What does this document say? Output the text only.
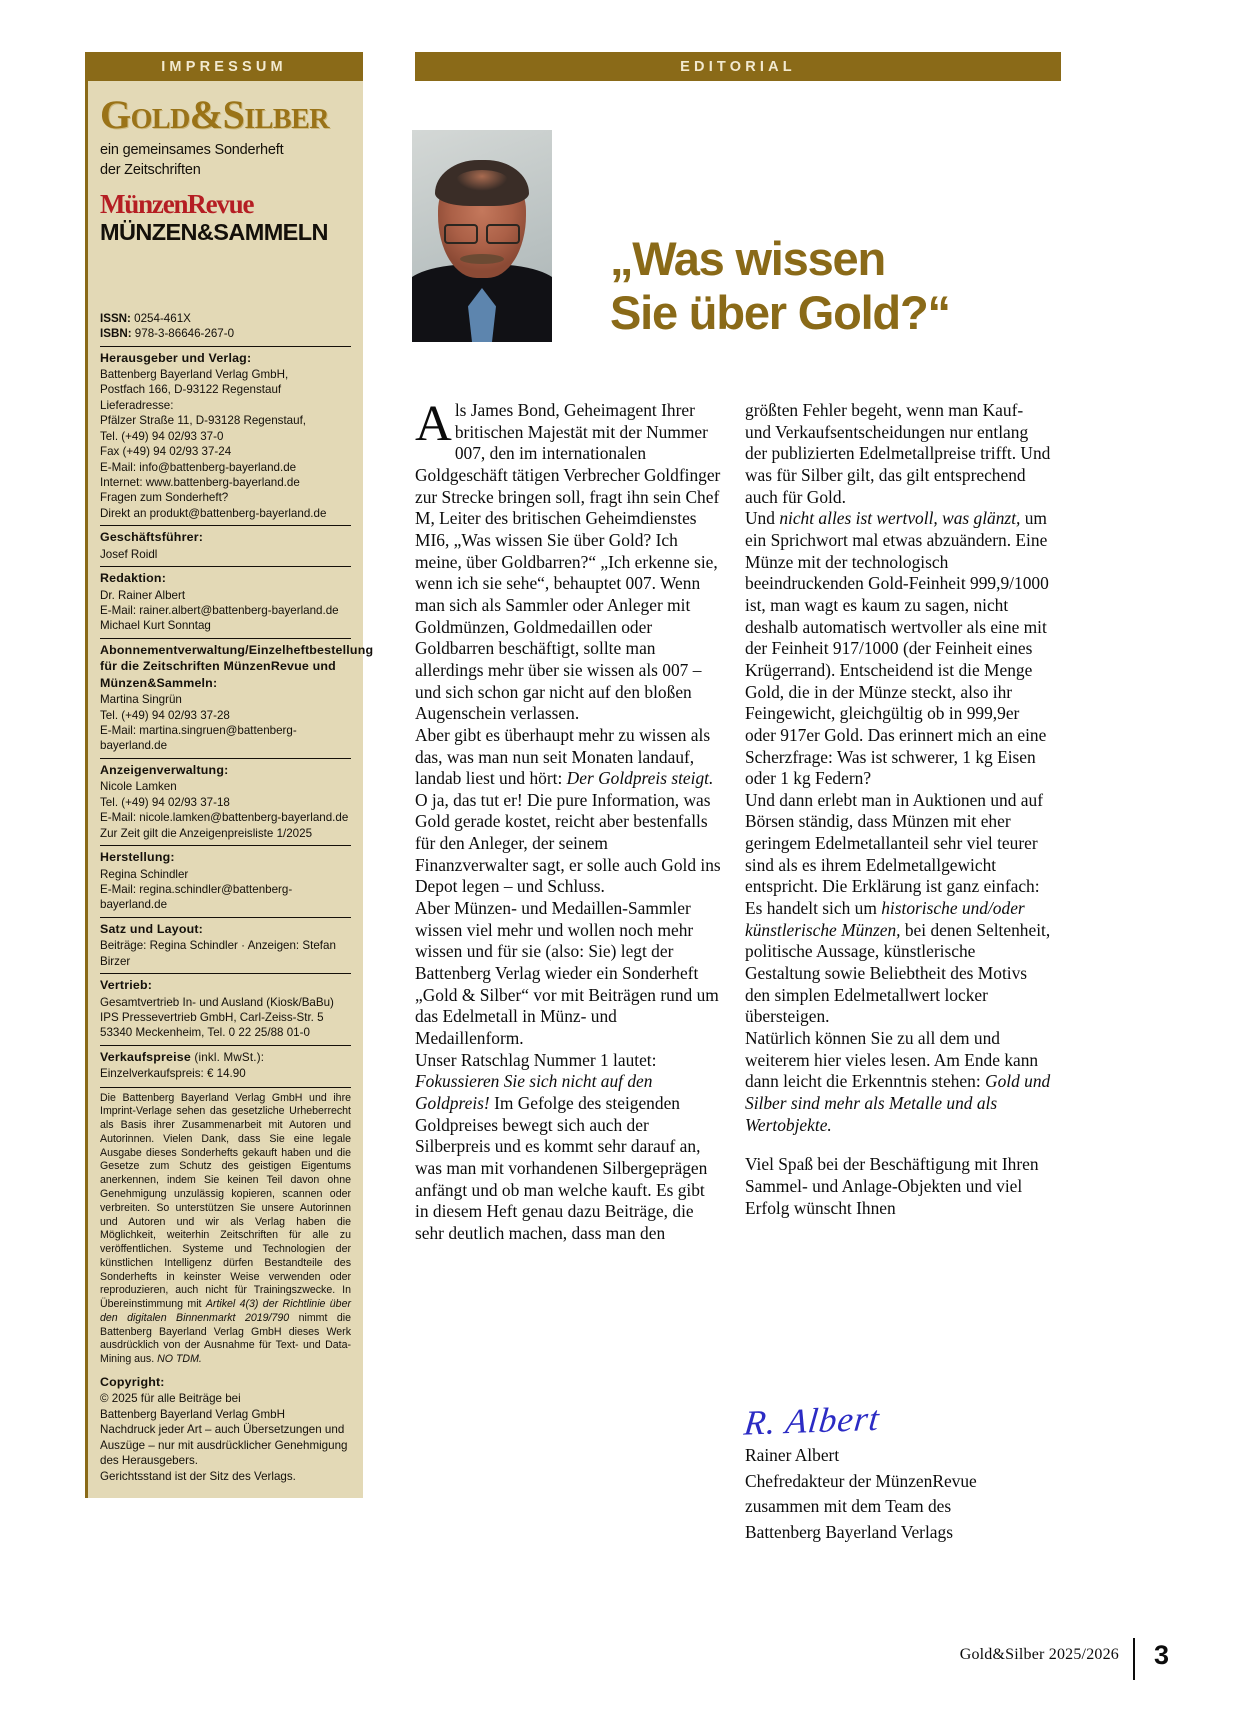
IMPRESSUM
Gold&Silber
ein gemeinsames Sonderheft
der Zeitschriften
MünzenRevue
MÜNZEN&SAMMELN
ISSN: 0254-461X
ISBN: 978-3-86646-267-0
Herausgeber und Verlag:
Battenberg Bayerland Verlag GmbH,
Postfach 166, D-93122 Regenstauf
Lieferadresse:
Pfälzer Straße 11, D-93128 Regenstauf,
Tel. (+49) 94 02/93 37-0
Fax (+49) 94 02/93 37-24
E-Mail: info@battenberg-bayerland.de
Internet: www.battenberg-bayerland.de
Fragen zum Sonderheft?
Direkt an produkt@battenberg-bayerland.de
Geschäftsführer:
Josef Roidl
Redaktion:
Dr. Rainer Albert
E-Mail: rainer.albert@battenberg-bayerland.de
Michael Kurt Sonntag
Abonnementverwaltung/Einzelheftbestellung für die Zeitschriften MünzenRevue und Münzen&Sammeln:
Martina Singrün
Tel. (+49) 94 02/93 37-28
E-Mail: martina.singruen@battenberg-bayerland.de
Anzeigenverwaltung:
Nicole Lamken
Tel. (+49) 94 02/93 37-18
E-Mail: nicole.lamken@battenberg-bayerland.de
Zur Zeit gilt die Anzeigenpreisliste 1/2025
Herstellung:
Regina Schindler
E-Mail: regina.schindler@battenberg-bayerland.de
Satz und Layout:
Beiträge: Regina Schindler · Anzeigen: Stefan Birzer
Vertrieb:
Gesamtvertrieb In- und Ausland (Kiosk/BaBu)
IPS Pressevertrieb GmbH, Carl-Zeiss-Str. 5
53340 Meckenheim, Tel. 0 22 25/88 01-0
Verkaufspreise (inkl. MwSt.):
Einzelverkaufspreis: € 14.90
Die Battenberg Bayerland Verlag GmbH und ihre Imprint-Verlage sehen das gesetzliche Urheberrecht als Basis ihrer Zusammenarbeit mit Autoren und Autorinnen. Vielen Dank, dass Sie eine legale Ausgabe dieses Sonderhefts gekauft haben und die Gesetze zum Schutz des geistigen Eigentums anerkennen, indem Sie keinen Teil davon ohne Genehmigung unzulässig kopieren, scannen oder verbreiten. So unterstützen Sie unsere Autorinnen und Autoren und wir als Verlag haben die Möglichkeit, weiterhin Zeitschriften für alle zu veröffentlichen. Systeme und Technologien der künstlichen Intelligenz dürfen Bestandteile des Sonderhefts in keinster Weise verwenden oder reproduzieren, auch nicht für Trainingszwecke. In Übereinstimmung mit Artikel 4(3) der Richtlinie über den digitalen Binnenmarkt 2019/790 nimmt die Battenberg Bayerland Verlag GmbH dieses Werk ausdrücklich von der Ausnahme für Text- und Data-Mining aus. NO TDM.
Copyright:
© 2025 für alle Beiträge bei
Battenberg Bayerland Verlag GmbH
Nachdruck jeder Art – auch Übersetzungen und Auszüge – nur mit ausdrücklicher Genehmigung des Herausgebers.
Gerichtsstand ist der Sitz des Verlags.
EDITORIAL
„Was wissen
Sie über Gold?“

Als James Bond, Geheimagent Ihrer britischen Majestät mit der Nummer 007, den im internationalen Goldgeschäft tätigen Verbrecher Goldfinger zur Strecke bringen soll, fragt ihn sein Chef M, Leiter des britischen Geheimdienstes MI6, „Was wissen Sie über Gold? Ich meine, über Goldbarren?“ „Ich erkenne sie, wenn ich sie sehe“, behauptet 007. Wenn man sich als Sammler oder Anleger mit Goldmünzen, Goldmedaillen oder Goldbarren beschäftigt, sollte man allerdings mehr über sie wissen als 007 – und sich schon gar nicht auf den bloßen Augenschein verlassen.

Aber gibt es überhaupt mehr zu wissen als das, was man nun seit Monaten landauf, landab liest und hört: Der Goldpreis steigt. O ja, das tut er! Die pure Information, was Gold gerade kostet, reicht aber bestenfalls für den Anleger, der seinem Finanzverwalter sagt, er solle auch Gold ins Depot legen – und Schluss.

Aber Münzen- und Medaillen-Sammler wissen viel mehr und wollen noch mehr wissen und für sie (also: Sie) legt der Battenberg Verlag wieder ein Sonderheft „Gold & Silber“ vor mit Beiträgen rund um das Edelmetall in Münz- und Medaillenform.

Unser Ratschlag Nummer 1 lautet: Fokussieren Sie sich nicht auf den Goldpreis! Im Gefolge des steigenden Goldpreises bewegt sich auch der Silberpreis und es kommt sehr darauf an, was man mit vorhandenen Silbergeprägen anfängt und ob man welche kauft. Es gibt in diesem Heft genau dazu Beiträge, die sehr deutlich machen, dass man den

größten Fehler begeht, wenn man Kauf- und Verkaufsentscheidungen nur entlang der publizierten Edelmetallpreise trifft. Und was für Silber gilt, das gilt entsprechend auch für Gold.

Und nicht alles ist wertvoll, was glänzt, um ein Sprichwort mal etwas abzuändern. Eine Münze mit der technologisch beeindruckenden Gold-Feinheit 999,9/1000 ist, man wagt es kaum zu sagen, nicht deshalb automatisch wertvoller als eine mit der Feinheit 917/1000 (der Feinheit eines Krügerrand). Entscheidend ist die Menge Gold, die in der Münze steckt, also ihr Feingewicht, gleichgültig ob in 999,9er oder 917er Gold. Das erinnert mich an eine Scherzfrage: Was ist schwerer, 1 kg Eisen oder 1 kg Federn?

Und dann erlebt man in Auktionen und auf Börsen ständig, dass Münzen mit eher geringem Edelmetallanteil sehr viel teurer sind als es ihrem Edelmetallgewicht entspricht. Die Erklärung ist ganz einfach: Es handelt sich um historische und/oder künstlerische Münzen, bei denen Seltenheit, politische Aussage, künstlerische Gestaltung sowie Beliebtheit des Motivs den simplen Edelmetallwert locker übersteigen.

Natürlich können Sie zu all dem und weiterem hier vieles lesen. Am Ende kann dann leicht die Erkenntnis stehen: Gold und Silber sind mehr als Metalle und als Wertobjekte.

Viel Spaß bei der Beschäftigung mit Ihren Sammel- und Anlage-Objekten und viel Erfolg wünscht Ihnen

R. Albert
Rainer Albert
Chefredakteur der MünzenRevue
zusammen mit dem Team des
Battenberg Bayerland Verlags
Gold&Silber 2025/2026 3
